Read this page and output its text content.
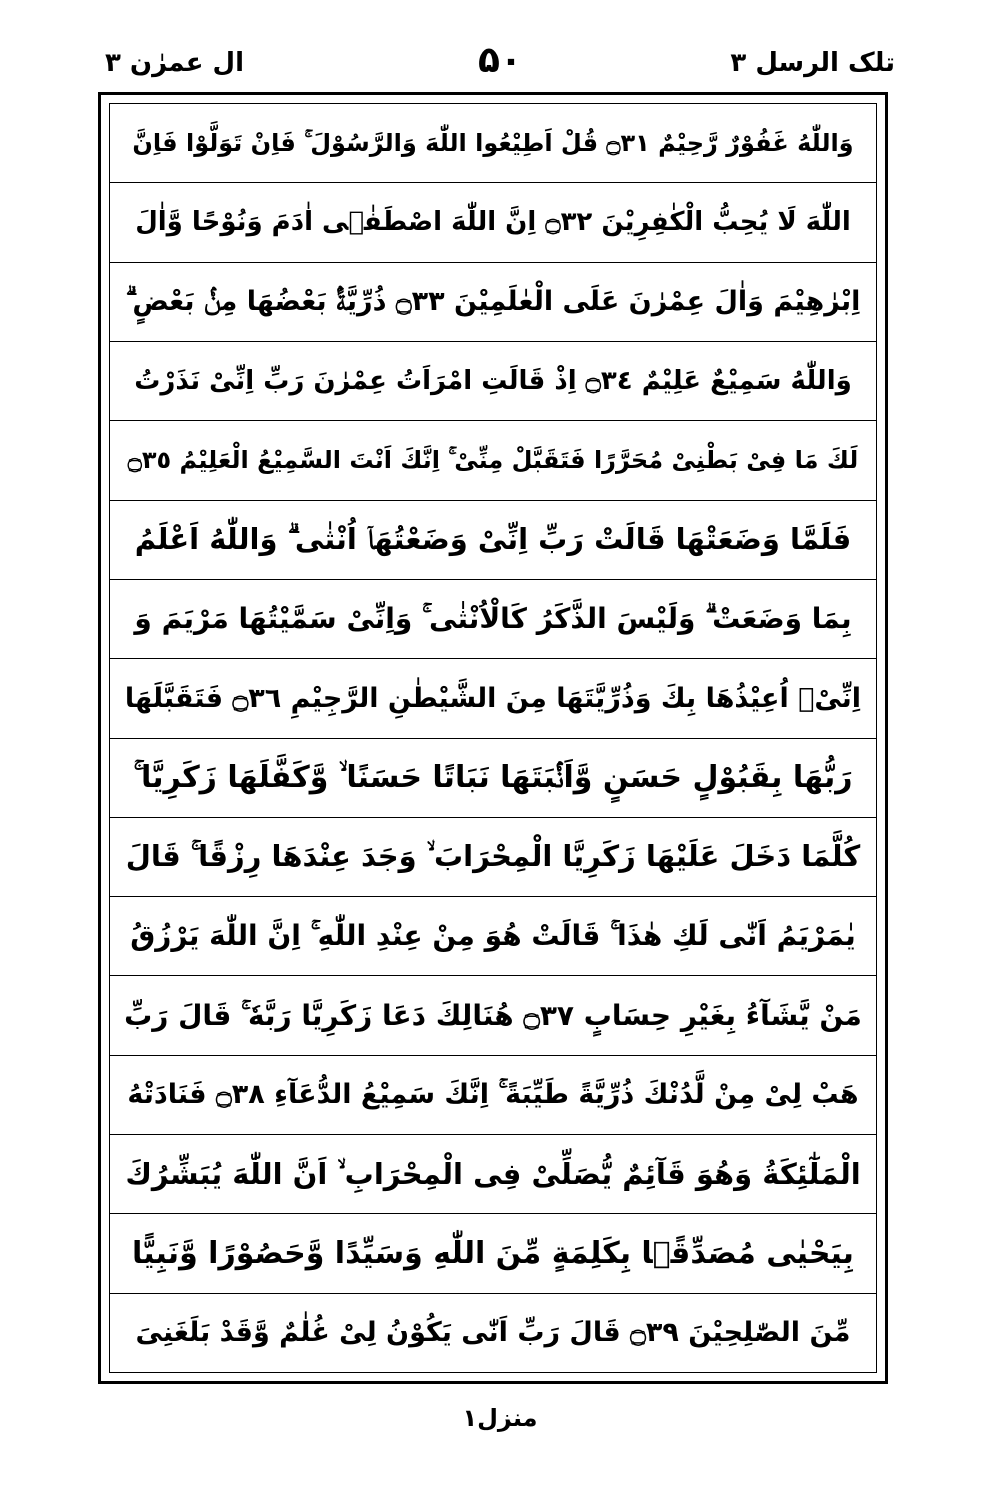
ال عمرٰن ۳	۵۰	تلک الرسل ۳
وَاللّٰهُ غَفُوْرٌ رَّحِيْمٌ ۝٣١ قُلْ اَطِيْعُوا اللّٰهَ وَالرَّسُوْلَ ۚ فَاِنْ تَوَلَّوْا فَاِنَّ
اللّٰهَ لَا يُحِبُّ الْكٰفِرِيْنَ ۝٣٢ اِنَّ اللّٰهَ اصْطَفٰۤى اٰدَمَ وَنُوْحًا وَّاٰلَ
اِبْرٰهِيْمَ وَاٰلَ عِمْرٰنَ عَلَى الْعٰلَمِيْنَ ۝٣٣ ذُرِّيَّةًۢ بَعْضُهَا مِنْۢ بَعْضٍ ۗ
وَاللّٰهُ سَمِيْعٌ عَلِيْمٌ ۝٣٤ اِذْ قَالَتِ امْرَاَتُ عِمْرٰنَ رَبِّ اِنِّىْ نَذَرْتُ
لَكَ مَا فِىْ بَطْنِىْ مُحَرَّرًا فَتَقَبَّلْ مِنِّىْ ۚ اِنَّكَ اَنْتَ السَّمِيْعُ الْعَلِيْمُ ۝٣٥
فَلَمَّا وَضَعَتْهَا قَالَتْ رَبِّ اِنِّىْ وَضَعْتُهَاۤ اُنْثٰى ۗ وَاللّٰهُ اَعْلَمُ
بِمَا وَضَعَتْ ۗ وَلَيْسَ الذَّكَرُ كَالْاُنْثٰى ۚ وَاِنِّىْ سَمَّيْتُهَا مَرْيَمَ وَ
اِنِّىْۤ اُعِيْذُهَا بِكَ وَذُرِّيَّتَهَا مِنَ الشَّيْطٰنِ الرَّجِيْمِ ۝٣٦ فَتَقَبَّلَهَا
رَبُّهَا بِقَبُوْلٍ حَسَنٍ وَّاَنْۢبَتَهَا نَبَاتًا حَسَنًا ۙ وَّكَفَّلَهَا زَكَرِيَّا ۚ
كُلَّمَا دَخَلَ عَلَيْهَا زَكَرِيَّا الْمِحْرَابَ ۙ وَجَدَ عِنْدَهَا رِزْقًا ۚ قَالَ
يٰمَرْيَمُ اَنّٰى لَكِ هٰذَا ۚ قَالَتْ هُوَ مِنْ عِنْدِ اللّٰهِ ۚ اِنَّ اللّٰهَ يَرْزُقُ
مَنْ يَّشَآءُ بِغَيْرِ حِسَابٍ ۝٣٧ هُنَالِكَ دَعَا زَكَرِيَّا رَبَّهٗ ۚ قَالَ رَبِّ
هَبْ لِىْ مِنْ لَّدُنْكَ ذُرِّيَّةً طَيِّبَةً ۚ اِنَّكَ سَمِيْعُ الدُّعَآءِ ۝٣٨ فَنَادَتْهُ
الْمَلٰٓئِكَةُ وَهُوَ قَآئِمٌ يُّصَلِّىْ فِى الْمِحْرَابِ ۙ اَنَّ اللّٰهَ يُبَشِّرُكَ
بِيَحْيٰى مُصَدِّقًۢا بِكَلِمَةٍ مِّنَ اللّٰهِ وَسَيِّدًا وَّحَصُوْرًا وَّنَبِيًّا
مِّنَ الصّٰلِحِيْنَ ۝٣٩ قَالَ رَبِّ اَنّٰى يَكُوْنُ لِىْ غُلٰمٌ وَّقَدْ بَلَغَنِىَ
منزل۱
